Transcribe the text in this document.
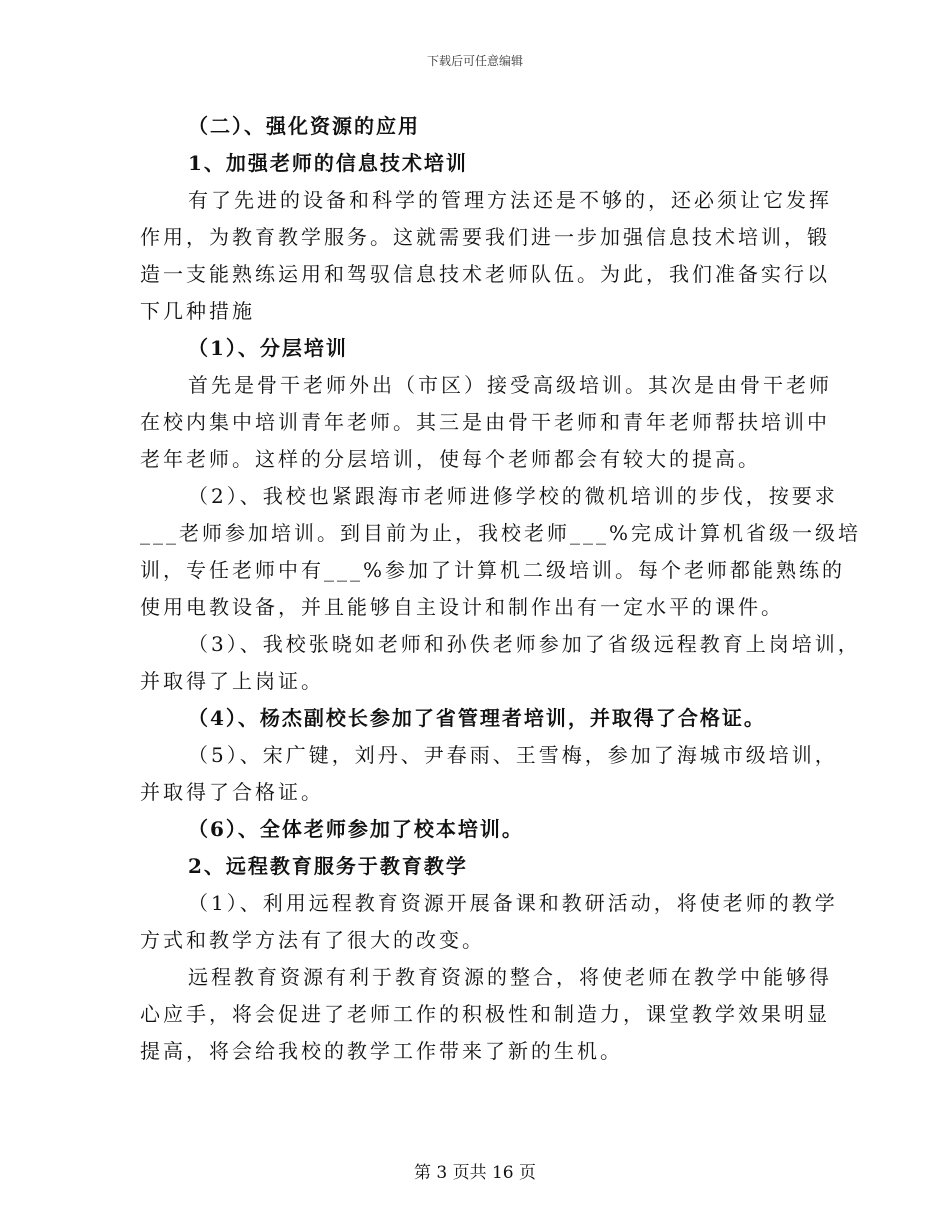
下载后可任意编辑
（二）、强化资源的应用
1、加强老师的信息技术培训
有了先进的设备和科学的管理方法还是不够的，还必须让它发挥
作用，为教育教学服务。这就需要我们进一步加强信息技术培训，锻
造一支能熟练运用和驾驭信息技术老师队伍。为此，我们准备实行以
下几种措施
（1）、分层培训
首先是骨干老师外出（市区）接受高级培训。其次是由骨干老师
在校内集中培训青年老师。其三是由骨干老师和青年老师帮扶培训中
老年老师。这样的分层培训，使每个老师都会有较大的提高。
（2）、我校也紧跟海市老师进修学校的微机培训的步伐，按要求
___老师参加培训。到目前为止，我校老师___%完成计算机省级一级培
训，专任老师中有___%参加了计算机二级培训。每个老师都能熟练的
使用电教设备，并且能够自主设计和制作出有一定水平的课件。
（3）、我校张晓如老师和孙佚老师参加了省级远程教育上岗培训，
并取得了上岗证。
（4）、杨杰副校长参加了省管理者培训，并取得了合格证。
（5）、宋广键，刘丹、尹春雨、王雪梅，参加了海城市级培训，
并取得了合格证。
（6）、全体老师参加了校本培训。
2、远程教育服务于教育教学
（1）、利用远程教育资源开展备课和教研活动，将使老师的教学
方式和教学方法有了很大的改变。
远程教育资源有利于教育资源的整合，将使老师在教学中能够得
心应手，将会促进了老师工作的积极性和制造力，课堂教学效果明显
提高，将会给我校的教学工作带来了新的生机。
第 3 页共 16 页
